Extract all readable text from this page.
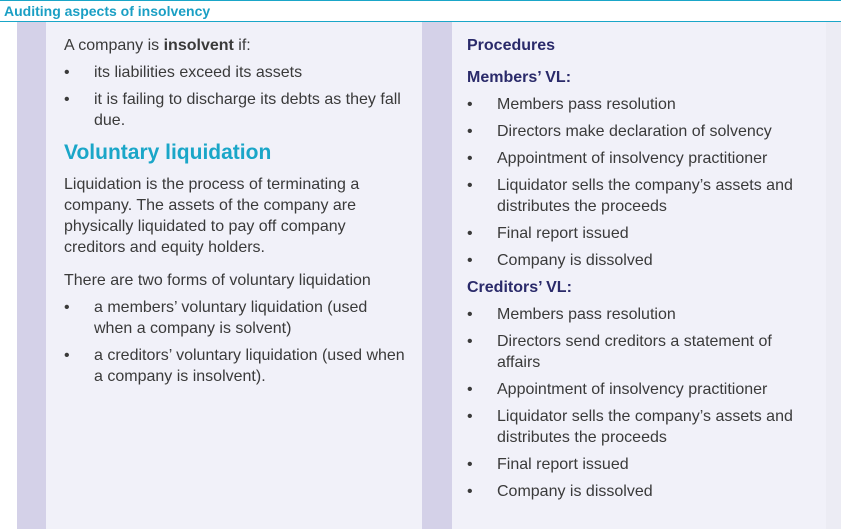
Auditing aspects of insolvency

A company is insolvent if:

• its liabilities exceed its assets
• it is failing to discharge its debts as they fall due.
Voluntary liquidation

Liquidation is the process of terminating a company. The assets of the company are physically liquidated to pay off company creditors and equity holders.

There are two forms of voluntary liquidation

• a members’ voluntary liquidation (used when a company is solvent)
• a creditors’ voluntary liquidation (used when a company is insolvent).
Procedures
Members’ VL:
• Members pass resolution
• Directors make declaration of solvency
• Appointment of insolvency practitioner
• Liquidator sells the company’s assets and distributes the proceeds
• Final report issued
• Company is dissolved
Creditors’ VL:
• Members pass resolution
• Directors send creditors a statement of affairs
• Appointment of insolvency practitioner
• Liquidator sells the company’s assets and distributes the proceeds
• Final report issued
• Company is dissolved
